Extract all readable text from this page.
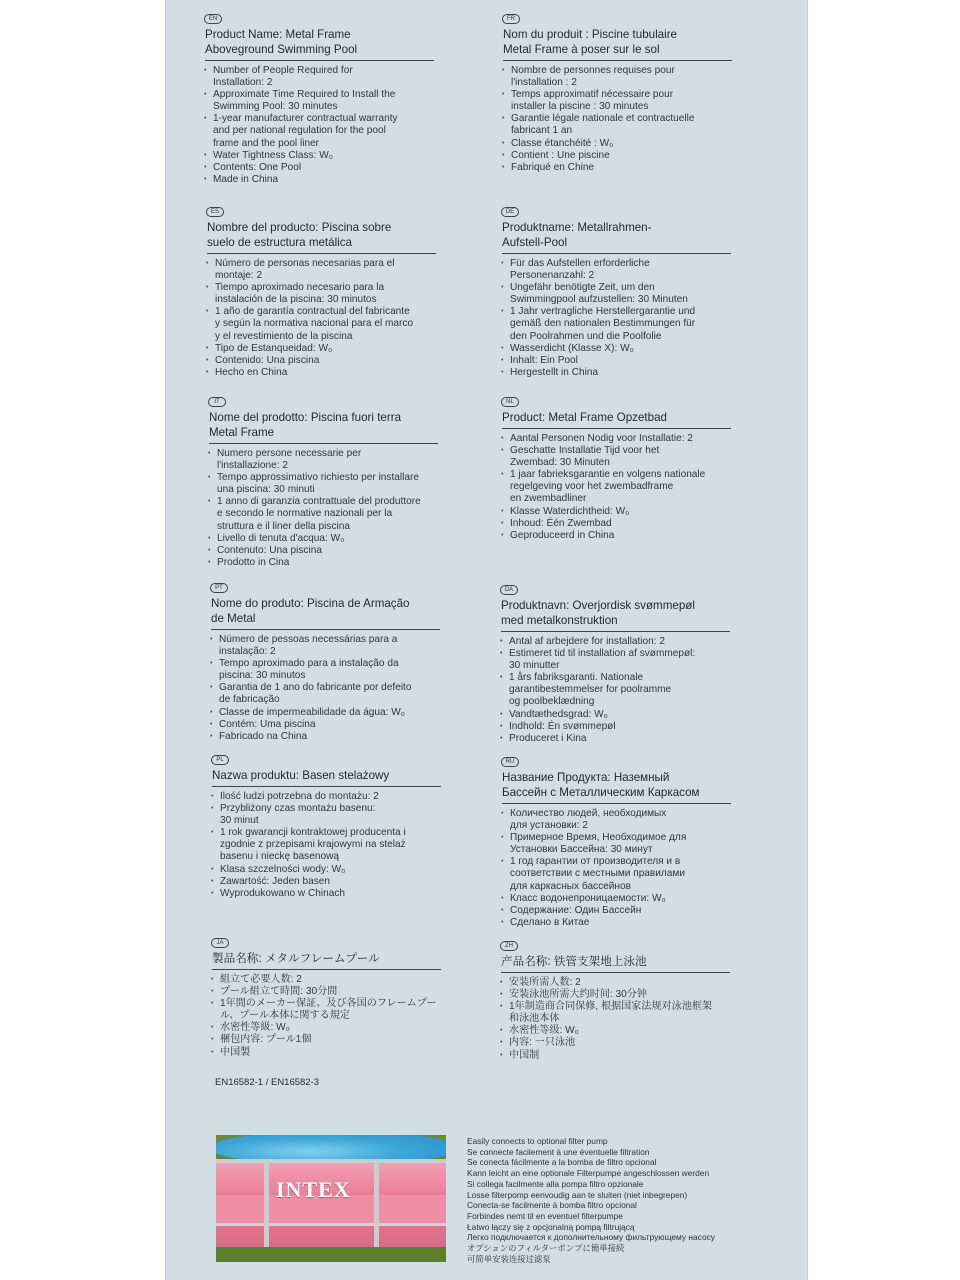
EN
Product Name: Metal Frame
Aboveground Swimming Pool
• Number of People Required for
Installation: 2
• Approximate Time Required to Install the
Swimming Pool: 30 minutes
• 1-year manufacturer contractual warranty
and per national regulation for the pool
frame and the pool liner
• Water Tightness Class: W₀
• Contents: One Pool
• Made in China
FR
Nom du produit : Piscine tubulaire
Metal Frame à poser sur le sol
• Nombre de personnes requises pour
l'installation : 2
• Temps approximatif nécessaire pour
installer la piscine : 30 minutes
• Garantie légale nationale et contractuelle
fabricant 1 an
• Classe étanchéité : W₀
• Contient : Une piscine
• Fabriqué en Chine
ES
Nombre del producto: Piscina sobre
suelo de estructura metálica
• Número de personas necesarias para el
montaje: 2
• Tiempo aproximado necesario para la
instalación de la piscina: 30 minutos
• 1 año de garantía contractual del fabricante
y según la normativa nacional para el marco
y el revestimiento de la piscina
• Tipo de Estanqueidad: W₀
• Contenido: Una piscina
• Hecho en China
DE
Produktname: Metallrahmen-
Aufstell-Pool
• Für das Aufstellen erforderliche
Personenanzahl: 2
• Ungefähr benötigte Zeit, um den
Swimmingpool aufzustellen: 30 Minuten
• 1 Jahr vertragliche Herstellergarantie und
gemäß den nationalen Bestimmungen für
den Poolrahmen und die Poolfolie
• Wasserdicht (Klasse X): W₀
• Inhalt: Ein Pool
• Hergestellt in China
IT
Nome del prodotto: Piscina fuori terra
Metal Frame
• Numero persone necessarie per
l'installazione: 2
• Tempo approssimativo richiesto per installare
una piscina: 30 minuti
• 1 anno di garanzia contrattuale del produttore
e secondo le normative nazionali per la
struttura e il liner della piscina
• Livello di tenuta d'acqua: W₀
• Contenuto: Una piscina
• Prodotto in Cina
NL
Product: Metal Frame Opzetbad
• Aantal Personen Nodig voor Installatie: 2
• Geschatte Installatie Tijd voor het
Zwembad: 30 Minuten
• 1 jaar fabrieksgarantie en volgens nationale
regelgeving voor het zwembadframe
en zwembadliner
• Klasse Waterdichtheid: W₀
• Inhoud: Één Zwembad
• Geproduceerd in China
PT
Nome do produto: Piscina de Armação
de Metal
• Número de pessoas necessárias para a
instalação: 2
• Tempo aproximado para a instalação da
piscina: 30 minutos
• Garantia de 1 ano do fabricante por defeito
de fabricação
• Classe de impermeabilidade da água: W₀
• Contém: Uma piscina
• Fabricado na China
DA
Produktnavn: Overjordisk svømmepøl
med metalkonstruktion
• Antal af arbejdere for installation: 2
• Estimeret tid til installation af svømmepøl:
30 minutter
• 1 års fabriksgaranti. Nationale
garantibestemmelser for poolramme
og poolbeklædning
• Vandtæthedsgrad: W₀
• Indhold: Én svømmepøl
• Produceret i Kina
PL
Nazwa produktu: Basen stelażowy
• Ilość ludzi potrzebna do montażu: 2
• Przybliżony czas montażu basenu:
30 minut
• 1 rok gwarancji kontraktowej producenta i
zgodnie z przepisami krajowymi na stelaż
basenu i nieckę basenową
• Klasa szczelności wody: W₀
• Zawartość: Jeden basen
• Wyprodukowano w Chinach
RU
Название Продукта: Наземный
Бассейн с Металлическим Каркасом
• Количество людей, необходимых
для установки: 2
• Примерное Время, Необходимое для
Установки Бассейна: 30 минут
• 1 год гарантии от производителя и в
соответствии с местными правилами
для каркасных бассейнов
• Класс водонепроницаемости: W₀
• Содержание: Один Бассейн
• Сделано в Китае
JA
製品名称: メタルフレームプール
• 組立て必要人数: 2
• プール組立て時間: 30分間
• 1年間のメーカー保証、及び各国のフレームプー
ル、プール本体に関する規定
• 水密性等級: W₀
• 梱包内容: プール1個
• 中国製
ZH
产品名称: 铁管支架地上泳池
• 安装所需人数: 2
• 安装泳池所需大约时间: 30分钟
• 1年制造商合同保修, 根据国家法规对泳池框架
和泳池本体
• 水密性等级: W₀
• 内容: 一只泳池
• 中国制
EN16582-1 / EN16582-3
INTEX
Easily connects to optional filter pump
Se connecte facilement à une éventuelle filtration
Se conecta fácilmente a la bomba de filtro opcional
Kann leicht an eine optionale Filterpumpe angeschlossen werden
Si collega facilmente alla pompa filtro opzionale
Losse filterpomp eenvoudig aan te sluiten (niet inbegrepen)
Conecta-se facilmente à bomba filtro opcional
Forbindes nemt til en eventuel filterpumpe
Łatwo łączy się z opcjonalną pompą filtrującą
Легко подключается к дополнительному фильтрующему насосу
オプションのフィルターポンプに簡単接続
可简单安装连接过滤泵
